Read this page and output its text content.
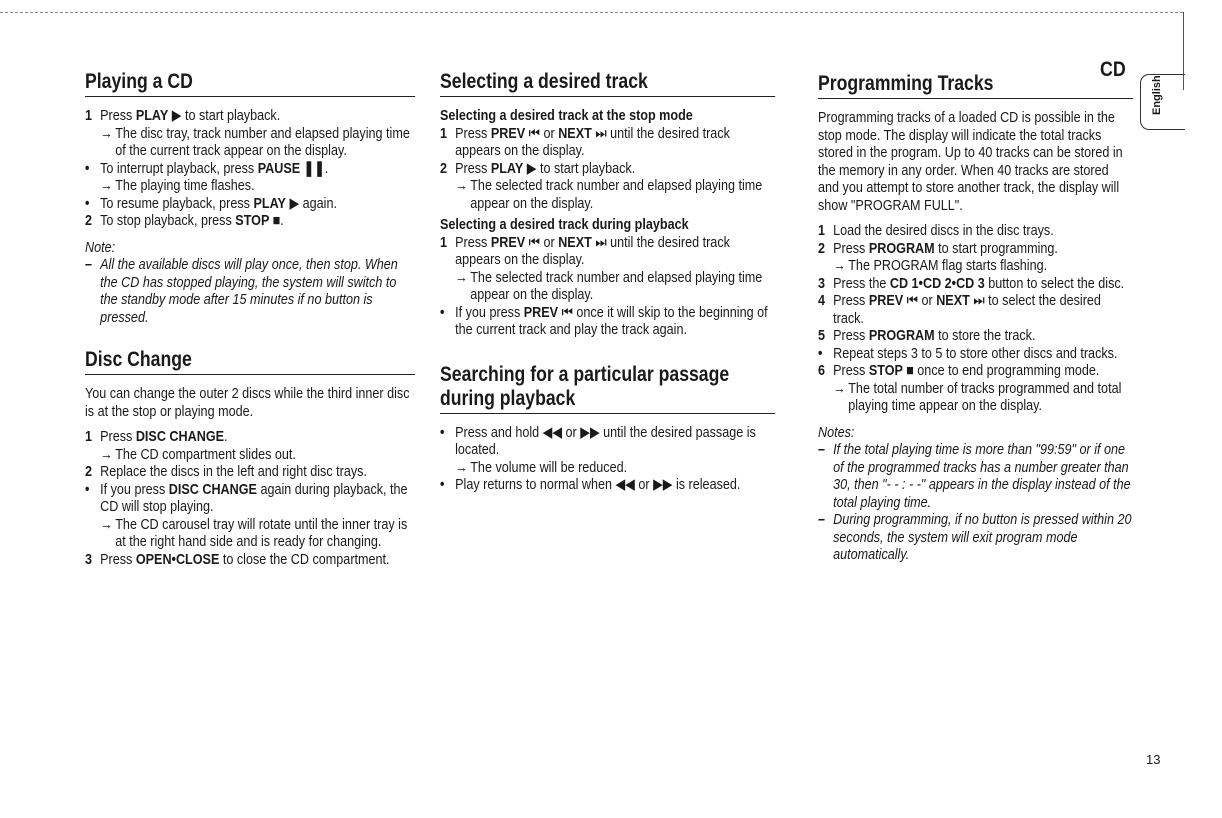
CD
English
Playing a CD
1 Press PLAY ▶ to start playback.
→ The disc tray, track number and elapsed playing time of the current track appear on the display.
• To interrupt playback, press PAUSE ❚❚.
→ The playing time flashes.
• To resume playback, press PLAY ▶ again.
2 To stop playback, press STOP ■.
Note:
– All the available discs will play once, then stop. When the CD has stopped playing, the system will switch to the standby mode after 15 minutes if no button is pressed.
Disc Change
You can change the outer 2 discs while the third inner disc is at the stop or playing mode.
1 Press DISC CHANGE.
→ The CD compartment slides out.
2 Replace the discs in the left and right disc trays.
• If you press DISC CHANGE again during playback, the CD will stop playing.
→ The CD carousel tray will rotate until the inner tray is at the right hand side and is ready for changing.
3 Press OPEN•CLOSE to close the CD compartment.
Selecting a desired track
Selecting a desired track at the stop mode
1 Press PREV ⏮ or NEXT ⏭ until the desired track appears on the display.
2 Press PLAY ▶ to start playback.
→ The selected track number and elapsed playing time appear on the display.
Selecting a desired track during playback
1 Press PREV ⏮ or NEXT ⏭ until the desired track appears on the display.
→ The selected track number and elapsed playing time appear on the display.
• If you press PREV ⏮ once it will skip to the beginning of the current track and play the track again.
Searching for a particular passage during playback
• Press and hold ◀◀ or ▶▶ until the desired passage is located.
→ The volume will be reduced.
• Play returns to normal when ◀◀ or ▶▶ is released.
Programming Tracks
Programming tracks of a loaded CD is possible in the stop mode. The display will indicate the total tracks stored in the program. Up to 40 tracks can be stored in the memory in any order. When 40 tracks are stored and you attempt to store another track, the display will show "PROGRAM FULL".
1 Load the desired discs in the disc trays.
2 Press PROGRAM to start programming.
→ The PROGRAM flag starts flashing.
3 Press the CD 1•CD 2•CD 3 button to select the disc.
4 Press PREV ⏮ or NEXT ⏭ to select the desired track.
5 Press PROGRAM to store the track.
• Repeat steps 3 to 5 to store other discs and tracks.
6 Press STOP ■ once to end programming mode.
→ The total number of tracks programmed and total playing time appear on the display.
Notes:
– If the total playing time is more than "99:59" or if one of the programmed tracks has a number greater than 30, then "- - : - -" appears in the display instead of the total playing time.
– During programming, if no button is pressed within 20 seconds, the system will exit program mode automatically.
13
